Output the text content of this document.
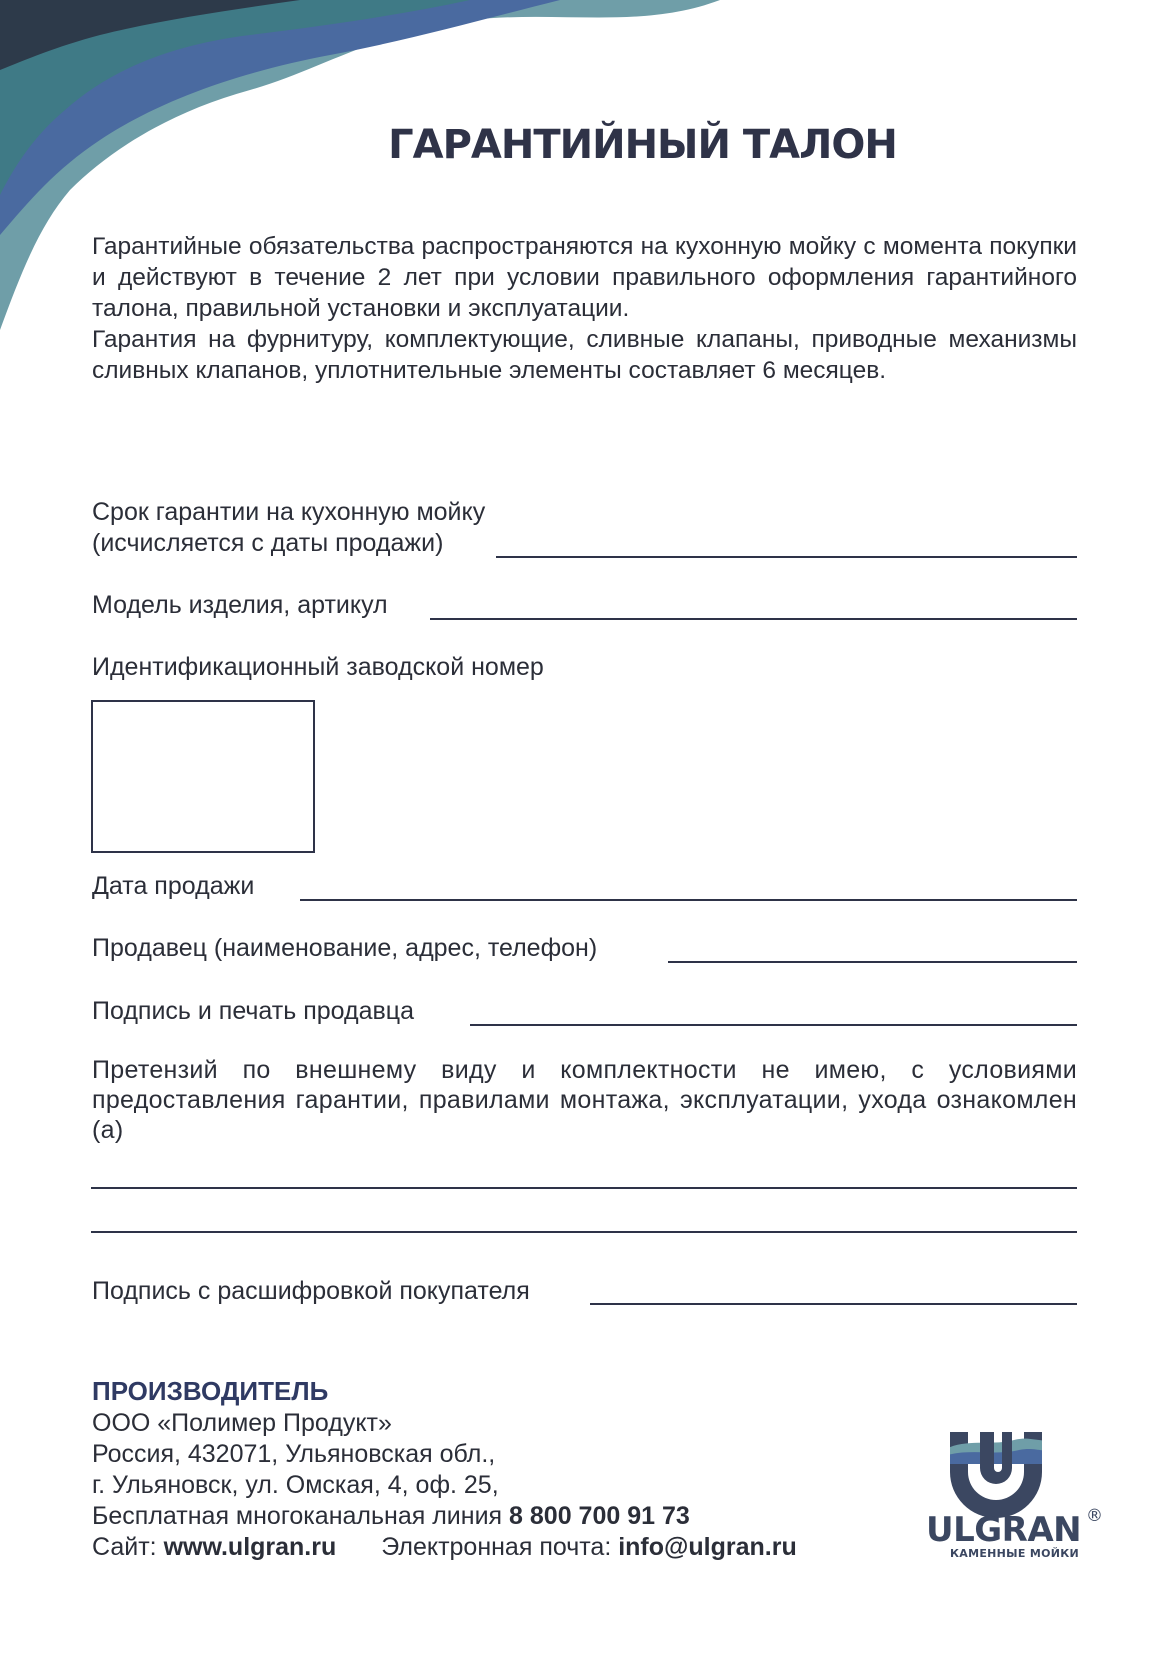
ГАРАНТИЙНЫЙ ТАЛОН

Гарантийные обязательства распространяются на кухонную мойку с момента покупки и действуют в течение 2 лет при условии правильного оформления гарантийного талона, правильной установки и эксплуатации.

Гарантия на фурнитуру, комплектующие, сливные клапаны, приводные механизмы сливных клапанов, уплотнительные элементы составляет 6 месяцев.

Срок гарантии на кухонную мойку
(исчисляется с даты продажи)
Модель изделия, артикул
Идентификационный заводской номер
Дата продажи
Продавец (наименование, адрес, телефон)
Подпись и печать продавца
Претензий по внешнему виду и комплектности не имею, с условиями предоставления гарантии, правилами монтажа, эксплуатации, ухода ознакомлен (а)
Подпись с расшифровкой покупателя
ПРОИЗВОДИТЕЛЬ
ООО «Полимер Продукт»
Россия, 432071, Ульяновская обл.,
г. Ульяновск, ул. Омская, 4, оф. 25,
Бесплатная многоканальная линия 8 800 700 91 73
Сайт: www.ulgran.ru Электронная почта: info@ulgran.ru	ULGRAN ®
КАМЕННЫЕ МОЙКИ
